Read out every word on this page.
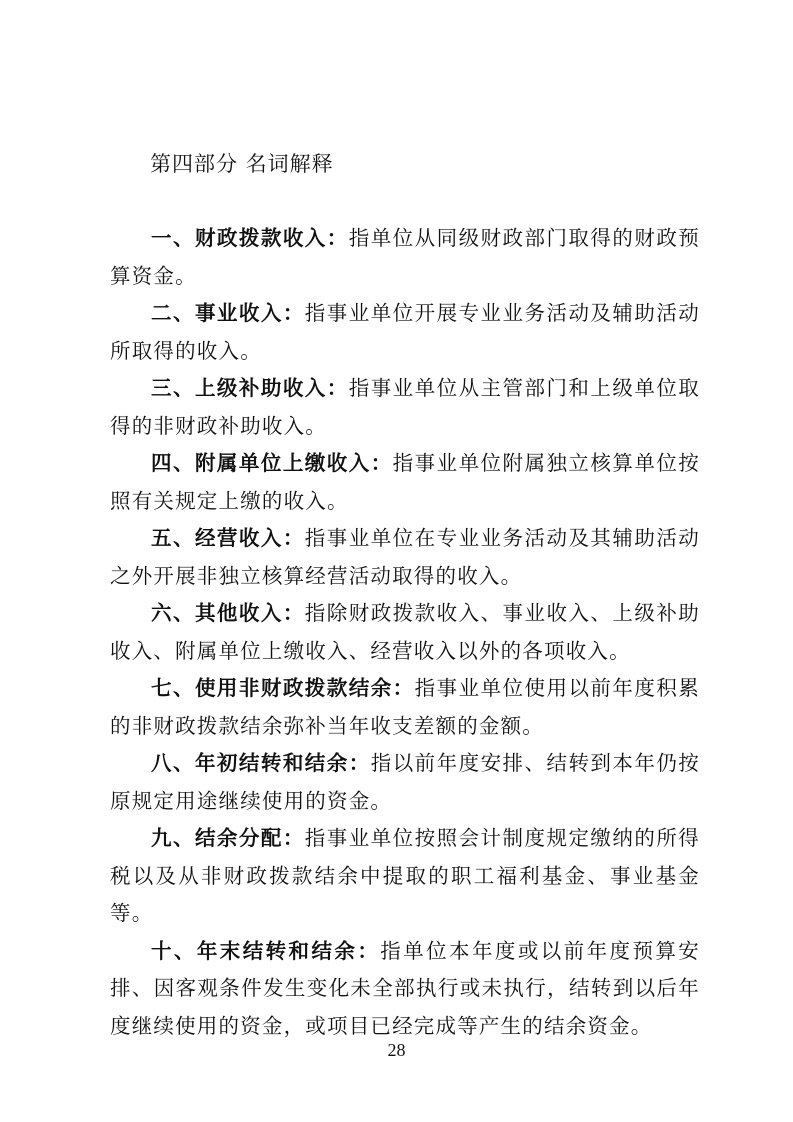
第四部分 名词解释

一、财政拨款收入：指单位从同级财政部门取得的财政预算资金。

二、事业收入：指事业单位开展专业业务活动及辅助活动所取得的收入。

三、上级补助收入：指事业单位从主管部门和上级单位取得的非财政补助收入。

四、附属单位上缴收入：指事业单位附属独立核算单位按照有关规定上缴的收入。

五、经营收入：指事业单位在专业业务活动及其辅助活动之外开展非独立核算经营活动取得的收入。

六、其他收入：指除财政拨款收入、事业收入、上级补助收入、附属单位上缴收入、经营收入以外的各项收入。

七、使用非财政拨款结余：指事业单位使用以前年度积累的非财政拨款结余弥补当年收支差额的金额。

八、年初结转和结余：指以前年度安排、结转到本年仍按原规定用途继续使用的资金。

九、结余分配：指事业单位按照会计制度规定缴纳的所得税以及从非财政拨款结余中提取的职工福利基金、事业基金等。

十、年末结转和结余：指单位本年度或以前年度预算安排、因客观条件发生变化未全部执行或未执行，结转到以后年度继续使用的资金，或项目已经完成等产生的结余资金。

28
